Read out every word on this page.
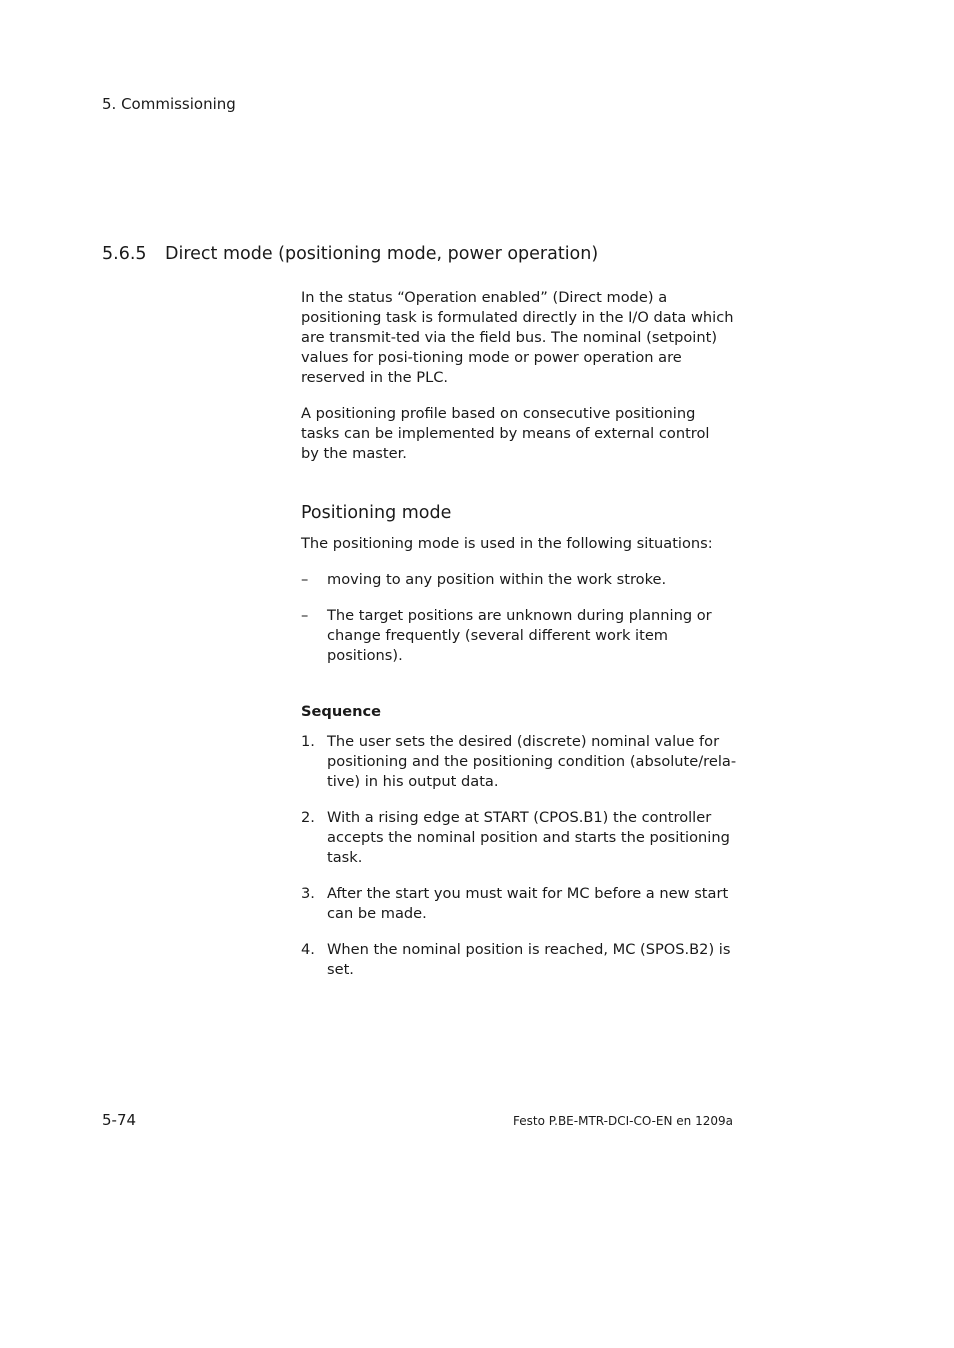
5. Commissioning
5.6.5 Direct mode (positioning mode, power operation)

In the status “Operation enabled” (Direct mode) a positioning task is formulated directly in the I/O data which are transmit-ted via the field bus. The nominal (setpoint) values for posi-tioning mode or power operation are reserved in the PLC.

A positioning profile based on consecutive positioning tasks can be implemented by means of external control by the master.

Positioning mode

The positioning mode is used in the following situations:

–	moving to any position within the work stroke.
–	The target positions are unknown during planning or change frequently (several different work item positions).

Sequence

1. The user sets the desired (discrete) nominal value for positioning and the positioning condition (absolute/rela-tive) in his output data.
2. With a rising edge at START (CPOS.B1) the controller accepts the nominal position and starts the positioning task.
3. After the start you must wait for MC before a new start can be made.
4. When the nominal position is reached, MC (SPOS.B2) is set.
5-74	Festo P.BE-MTR-DCI-CO-EN en 1209a
